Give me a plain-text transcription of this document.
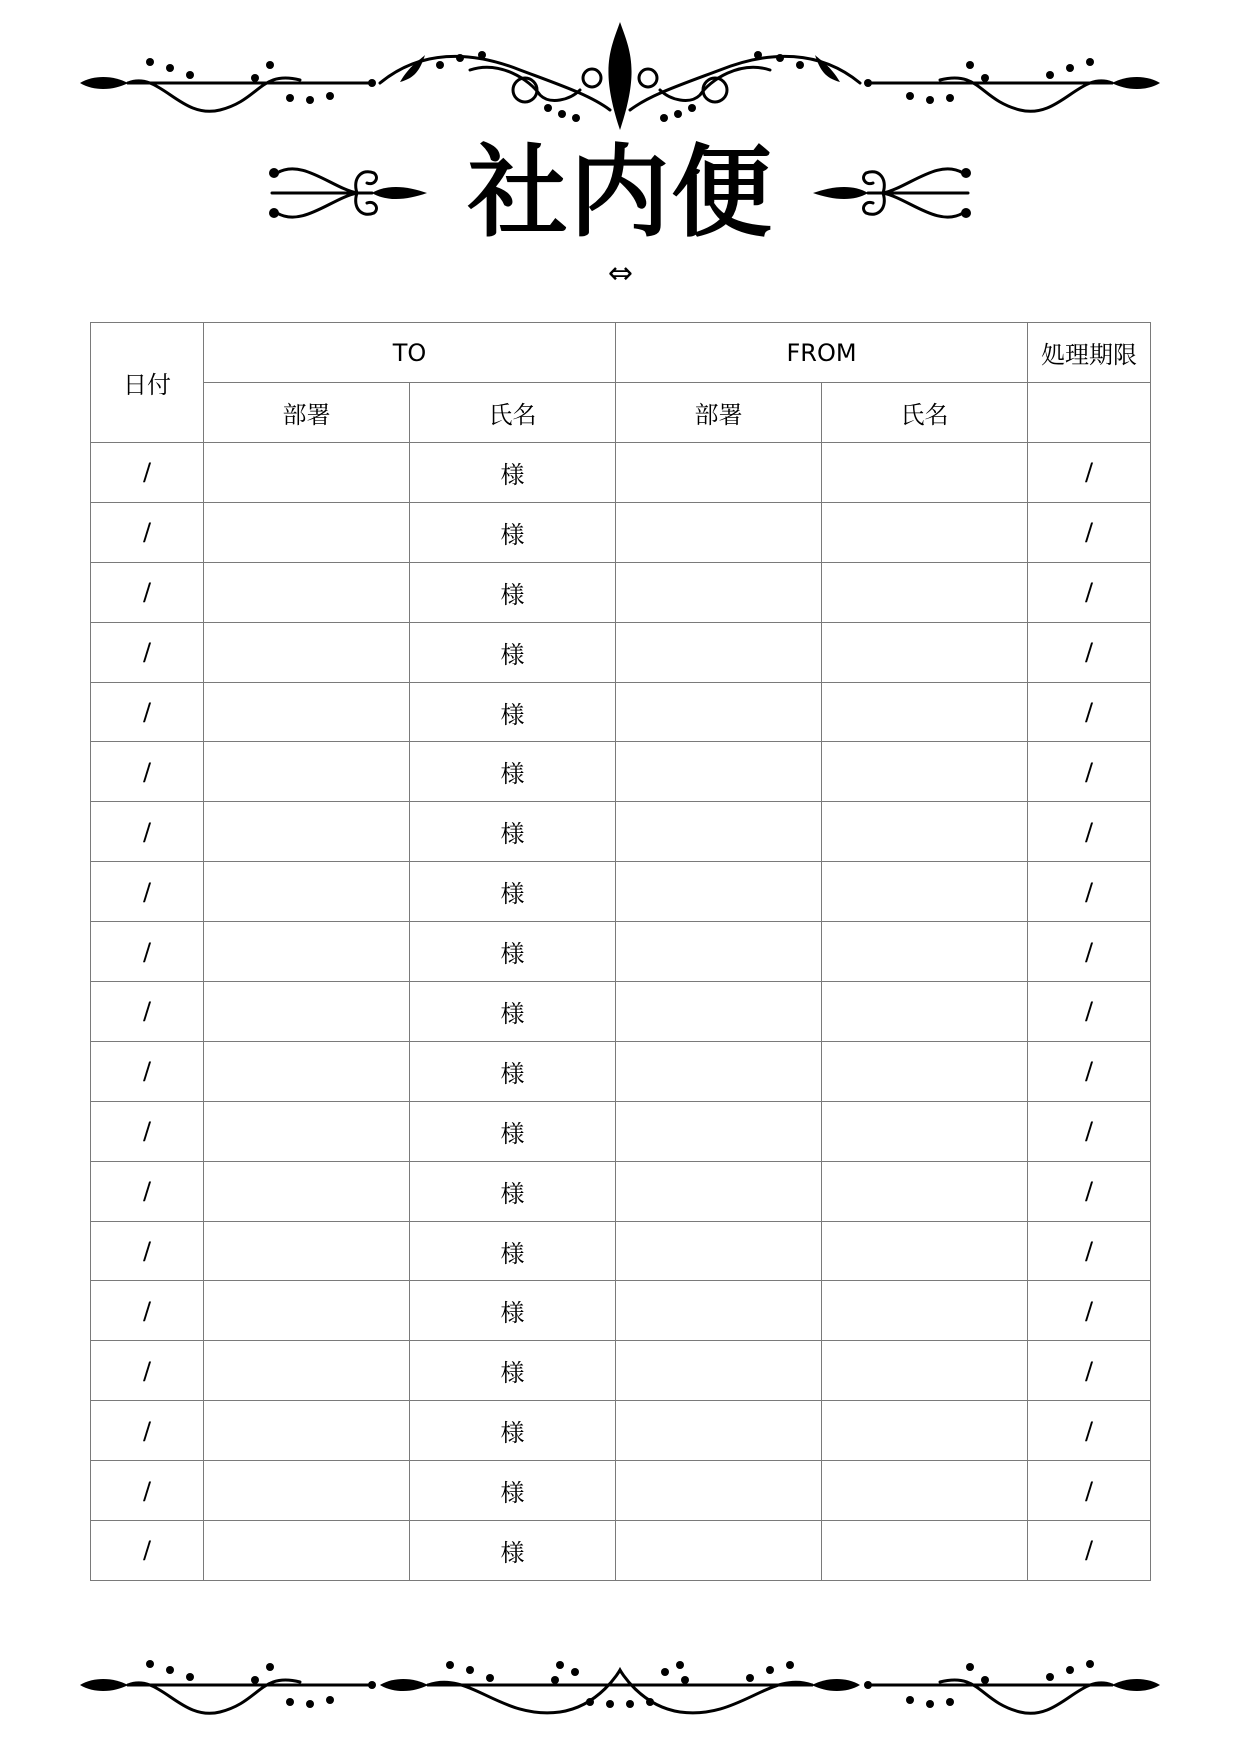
社内便
⇔
日付	TO		FROM		処理期限
	部署	氏名	部署	氏名	
/		様			/
/		様			/
/		様			/
/		様			/
/		様			/
/		様			/
/		様			/
/		様			/
/		様			/
/		様			/
/		様			/
/		様			/
/		様			/
/		様			/
/		様			/
/		様			/
/		様			/
/		様			/
/		様			/
